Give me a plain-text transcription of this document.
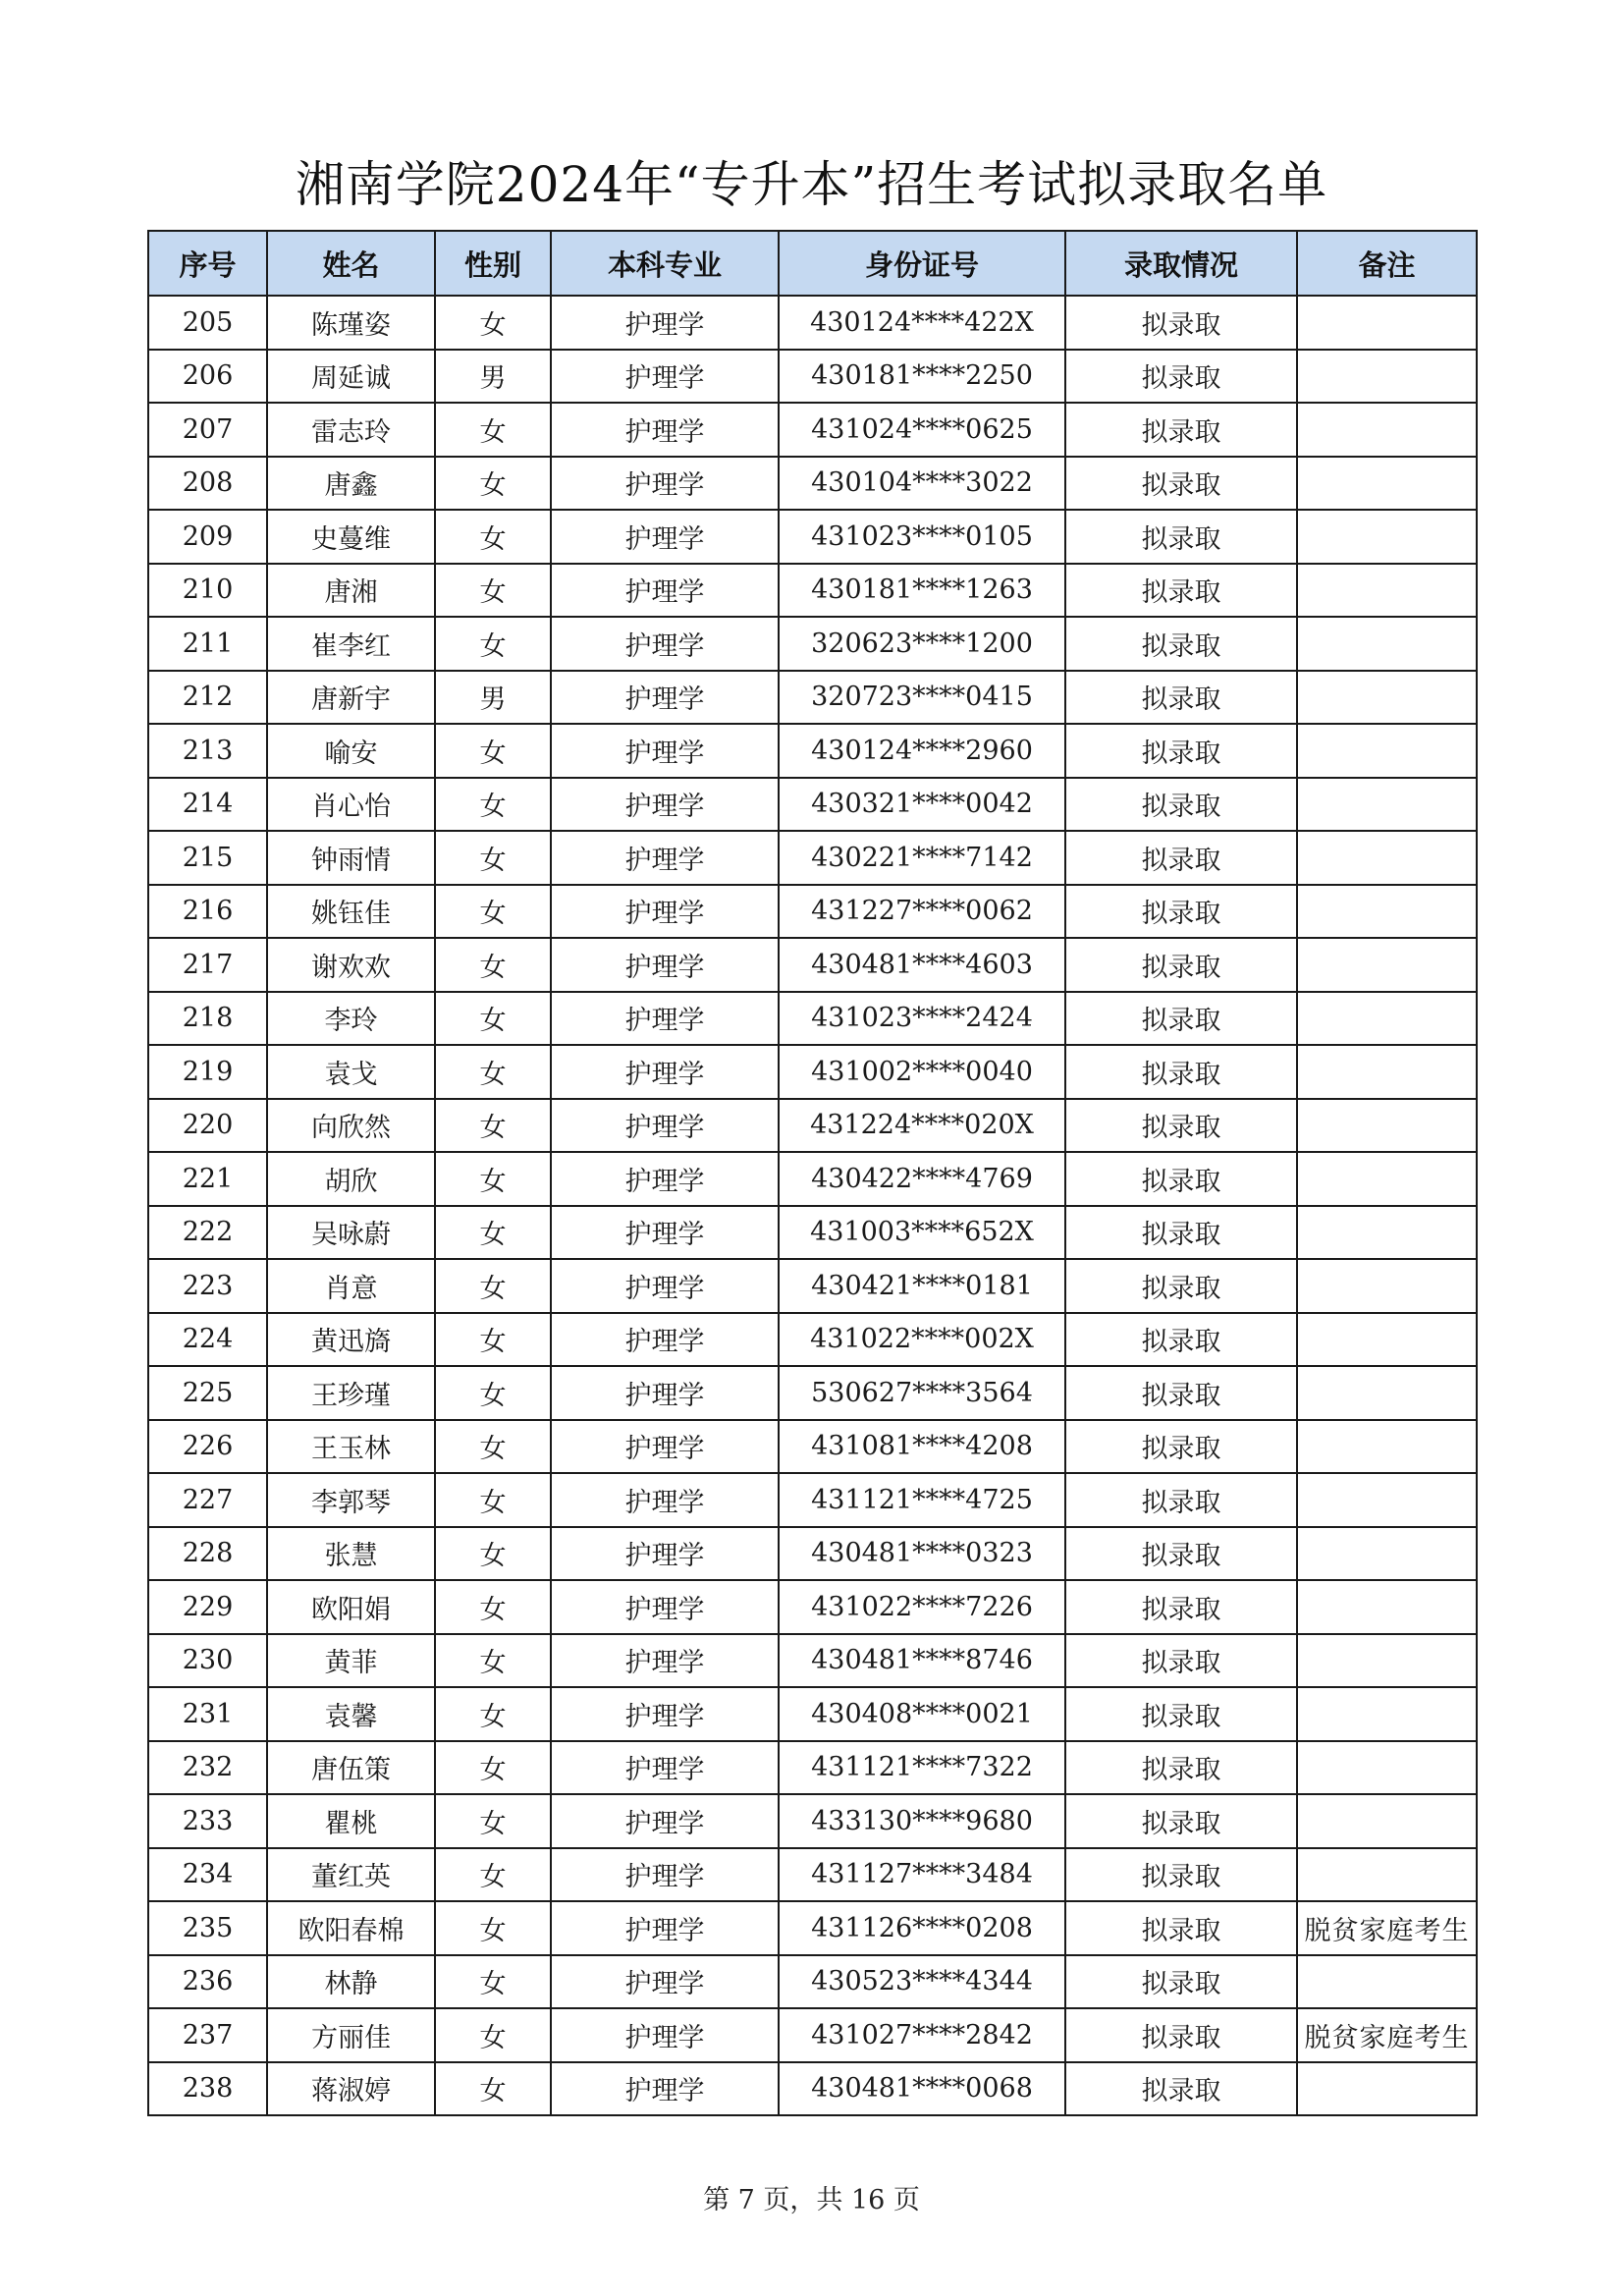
湘南学院2024年“专升本”招生考试拟录取名单
序号	姓名	性别	本科专业	身份证号	录取情况	备注
205	陈瑾姿	女	护理学	430124****422X	拟录取	
206	周延诚	男	护理学	430181****2250	拟录取	
207	雷志玲	女	护理学	431024****0625	拟录取	
208	唐鑫	女	护理学	430104****3022	拟录取	
209	史蔓维	女	护理学	431023****0105	拟录取	
210	唐湘	女	护理学	430181****1263	拟录取	
211	崔李红	女	护理学	320623****1200	拟录取	
212	唐新宇	男	护理学	320723****0415	拟录取	
213	喻安	女	护理学	430124****2960	拟录取	
214	肖心怡	女	护理学	430321****0042	拟录取	
215	钟雨情	女	护理学	430221****7142	拟录取	
216	姚钰佳	女	护理学	431227****0062	拟录取	
217	谢欢欢	女	护理学	430481****4603	拟录取	
218	李玲	女	护理学	431023****2424	拟录取	
219	袁戈	女	护理学	431002****0040	拟录取	
220	向欣然	女	护理学	431224****020X	拟录取	
221	胡欣	女	护理学	430422****4769	拟录取	
222	吴咏蔚	女	护理学	431003****652X	拟录取	
223	肖意	女	护理学	430421****0181	拟录取	
224	黄迅旖	女	护理学	431022****002X	拟录取	
225	王珍瑾	女	护理学	530627****3564	拟录取	
226	王玉林	女	护理学	431081****4208	拟录取	
227	李郭琴	女	护理学	431121****4725	拟录取	
228	张慧	女	护理学	430481****0323	拟录取	
229	欧阳娟	女	护理学	431022****7226	拟录取	
230	黄菲	女	护理学	430481****8746	拟录取	
231	袁馨	女	护理学	430408****0021	拟录取	
232	唐伍策	女	护理学	431121****7322	拟录取	
233	瞿桃	女	护理学	433130****9680	拟录取	
234	董红英	女	护理学	431127****3484	拟录取	
235	欧阳春棉	女	护理学	431126****0208	拟录取	脱贫家庭考生
236	林静	女	护理学	430523****4344	拟录取	
237	方丽佳	女	护理学	431027****2842	拟录取	脱贫家庭考生
238	蒋淑婷	女	护理学	430481****0068	拟录取	
第 7 页，共 16 页
